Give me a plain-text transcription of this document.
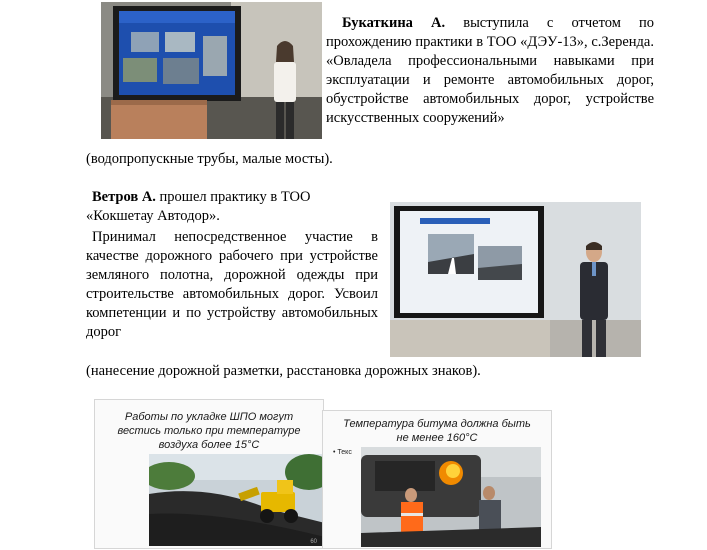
Букаткина А. выступила с отчетом по прохождению практики в ТОО «ДЭУ-13», с.Зеренда. «Овладела профессиональными навыками при эксплуатации и ремонте автомобильных дорог, обустройстве автомобильных дорог, устройстве искусственных сооружений»

(водопропускные трубы, малые мосты).

Ветров А. прошел практику в ТОО «Кокшетау Автодор».

Принимал непосредственное участие в качестве дорожного рабочего при устройстве земляного полотна, дорожной одежды при строительстве автомобильных дорог. Усвоил компетенции и по устройству автомобильных дорог

(нанесение дорожной разметки, расстановка дорожных знаков).

Работы по укладке ШПО могут вестись только при температуре воздуха более 15°С
60
Температура битума должна быть не менее 160°С
• Текс
